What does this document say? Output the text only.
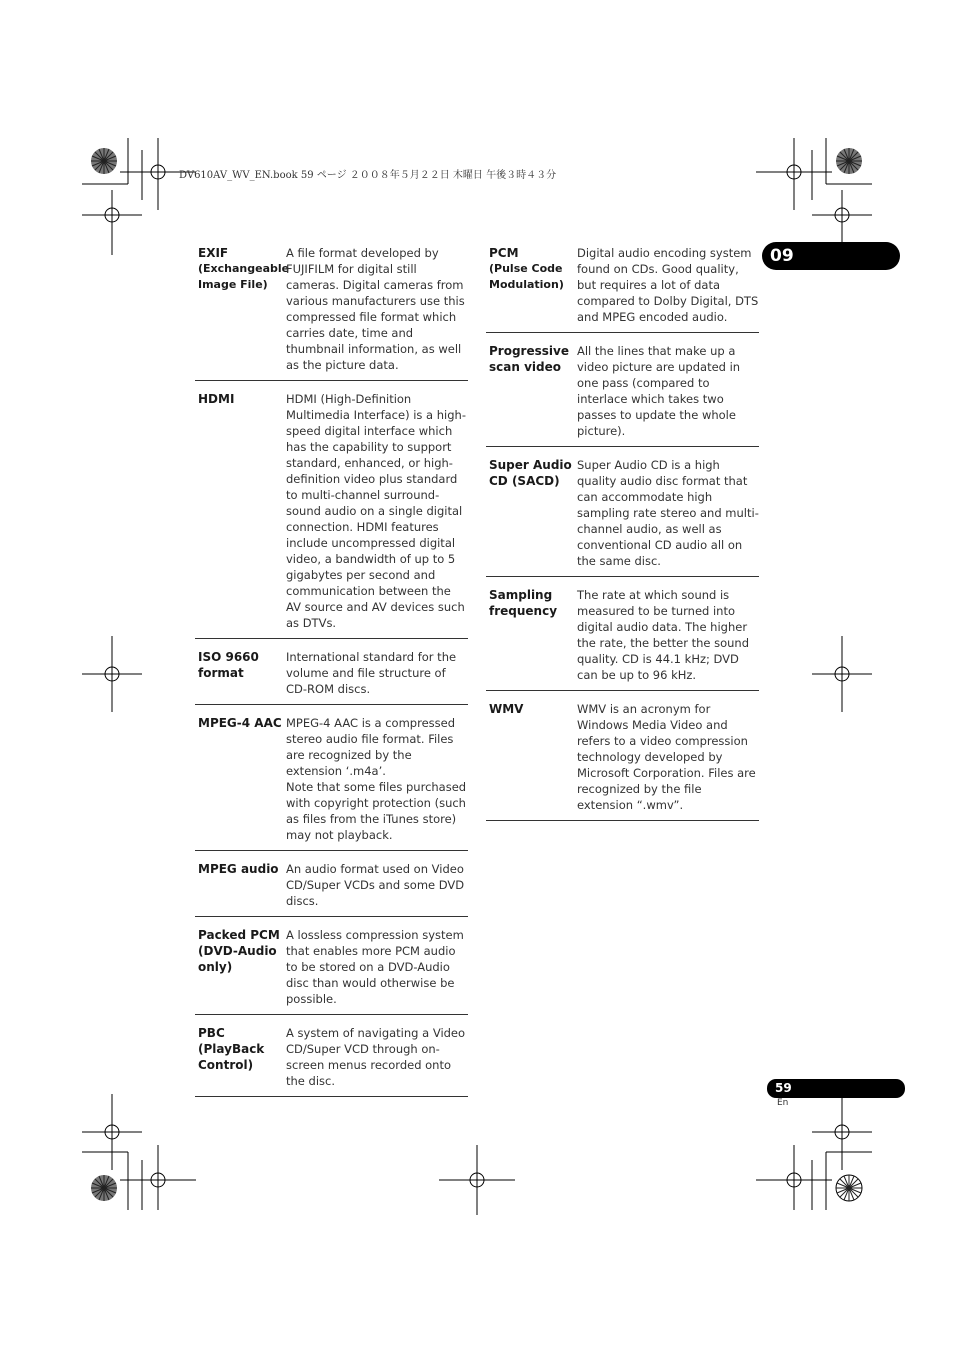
DV610AV_WV_EN.book 59 ページ ２００８年５月２２日 木曜日 午後３時４３分
09
EXIF
(Exchangeable Image File)
A file format developed by FUJIFILM for digital still cameras. Digital cameras from various manufacturers use this compressed file format which carries date, time and thumbnail information, as well as the picture data.
HDMI	HDMI (High-Definition Multimedia Interface) is a high-speed digital interface which has the capability to support standard, enhanced, or high-definition video plus standard to multi-channel surround-sound audio on a single digital connection. HDMI features include uncompressed digital video, a bandwidth of up to 5 gigabytes per second and communication between the AV source and AV devices such as DTVs.
ISO 9660 format
International standard for the volume and file structure of CD-ROM discs.
MPEG-4 AAC MPEG-4 AAC is a compressed stereo audio file format. Files are recognized by the extension ‘.m4a’.
Note that some files purchased with copyright protection (such as files from the iTunes store) may not playback.
MPEG audio An audio format used on Video CD/Super VCDs and some DVD discs.
Packed PCM (DVD-Audio only)
A lossless compression system that enables more PCM audio to be stored on a DVD-Audio disc than would otherwise be possible.
PBC (PlayBack Control)
A system of navigating a Video CD/Super VCD through on-screen menus recorded onto the disc.
PCM
(Pulse Code Modulation)
Digital audio encoding system found on CDs. Good quality, but requires a lot of data compared to Dolby Digital, DTS and MPEG encoded audio.
Progressive scan video
All the lines that make up a video picture are updated in one pass (compared to interlace which takes two passes to update the whole picture).
Super Audio CD (SACD)
Super Audio CD is a high quality audio disc format that can accommodate high sampling rate stereo and multi-channel audio, as well as conventional CD audio all on the same disc.
Sampling frequency
The rate at which sound is measured to be turned into digital audio data. The higher the rate, the better the sound quality. CD is 44.1 kHz; DVD can be up to 96 kHz.
WMV	WMV is an acronym for Windows Media Video and refers to a video compression technology developed by Microsoft Corporation. Files are recognized by the file extension “.wmv”.
59
En
